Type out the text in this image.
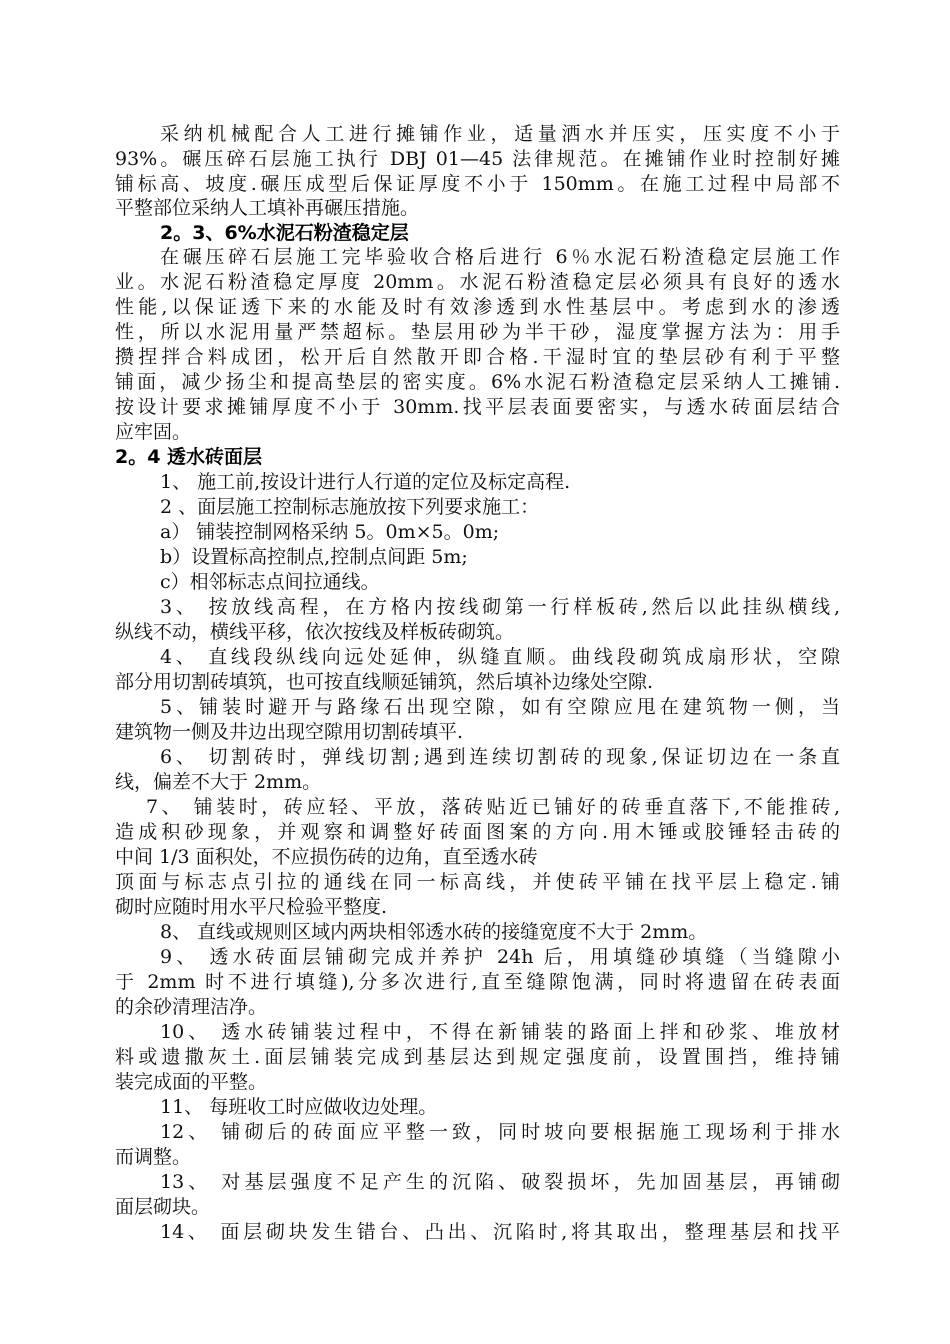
采纳机械配合人工进行摊铺作业，适量洒水并压实，压实度不小于
93%。碾压碎石层施工执行 DBJ 01—45 法律规范。在摊铺作业时控制好摊
铺标高、坡度.碾压成型后保证厚度不小于 150mm。在施工过程中局部不
平整部位采纳人工填补再碾压措施。
2。3、6%水泥石粉渣稳定层
在碾压碎石层施工完毕验收合格后进行 6％水泥石粉渣稳定层施工作
业。水泥石粉渣稳定厚度 20mm。水泥石粉渣稳定层必须具有良好的透水
性能,以保证透下来的水能及时有效渗透到水性基层中。考虑到水的渗透
性，所以水泥用量严禁超标。垫层用砂为半干砂，湿度掌握方法为：用手
攒捏拌合料成团，松开后自然散开即合格.干湿时宜的垫层砂有利于平整
铺面，减少扬尘和提高垫层的密实度。6%水泥石粉渣稳定层采纳人工摊铺.
按设计要求摊铺厚度不小于 30mm.找平层表面要密实，与透水砖面层结合
应牢固。
2。4 透水砖面层
1、 施工前,按设计进行人行道的定位及标定高程.
2 、面层施工控制标志施放按下列要求施工：
a） 铺装控制网格采纳 5。0m×5。0m;
b）设置标高控制点,控制点间距 5m;
c）相邻标志点间拉通线。
3、 按放线高程，在方格内按线砌第一行样板砖,然后以此挂纵横线,
纵线不动，横线平移，依次按线及样板砖砌筑。
4、 直线段纵线向远处延伸，纵缝直顺。曲线段砌筑成扇形状，空隙
部分用切割砖填筑，也可按直线顺延铺筑，然后填补边缘处空隙.
5、铺装时避开与路缘石出现空隙，如有空隙应甩在建筑物一侧，当
建筑物一侧及井边出现空隙用切割砖填平.
6、 切割砖时，弹线切割;遇到连续切割砖的现象,保证切边在一条直
线，偏差不大于 2mm。
7、 铺装时，砖应轻、平放，落砖贴近已铺好的砖垂直落下,不能推砖,
造成积砂现象，并观察和调整好砖面图案的方向.用木锤或胶锤轻击砖的
中间 1/3 面积处，不应损伤砖的边角，直至透水砖
顶面与标志点引拉的通线在同一标高线，并使砖平铺在找平层上稳定.铺
砌时应随时用水平尺检验平整度.
8、 直线或规则区域内两块相邻透水砖的接缝宽度不大于 2mm。
9、 透水砖面层铺砌完成并养护 24h 后，用填缝砂填缝（当缝隙小
于 2mm 时不进行填缝),分多次进行,直至缝隙饱满，同时将遗留在砖表面
的余砂清理洁净。
10、 透水砖铺装过程中，不得在新铺装的路面上拌和砂浆、堆放材
料或遗撒灰土.面层铺装完成到基层达到规定强度前，设置围挡，维持铺
装完成面的平整。
11、 每班收工时应做收边处理。
12、 铺砌后的砖面应平整一致，同时坡向要根据施工现场利于排水
而调整。
13、 对基层强度不足产生的沉陷、破裂损坏，先加固基层，再铺砌
面层砌块。
14、 面层砌块发生错台、凸出、沉陷时,将其取出，整理基层和找平
